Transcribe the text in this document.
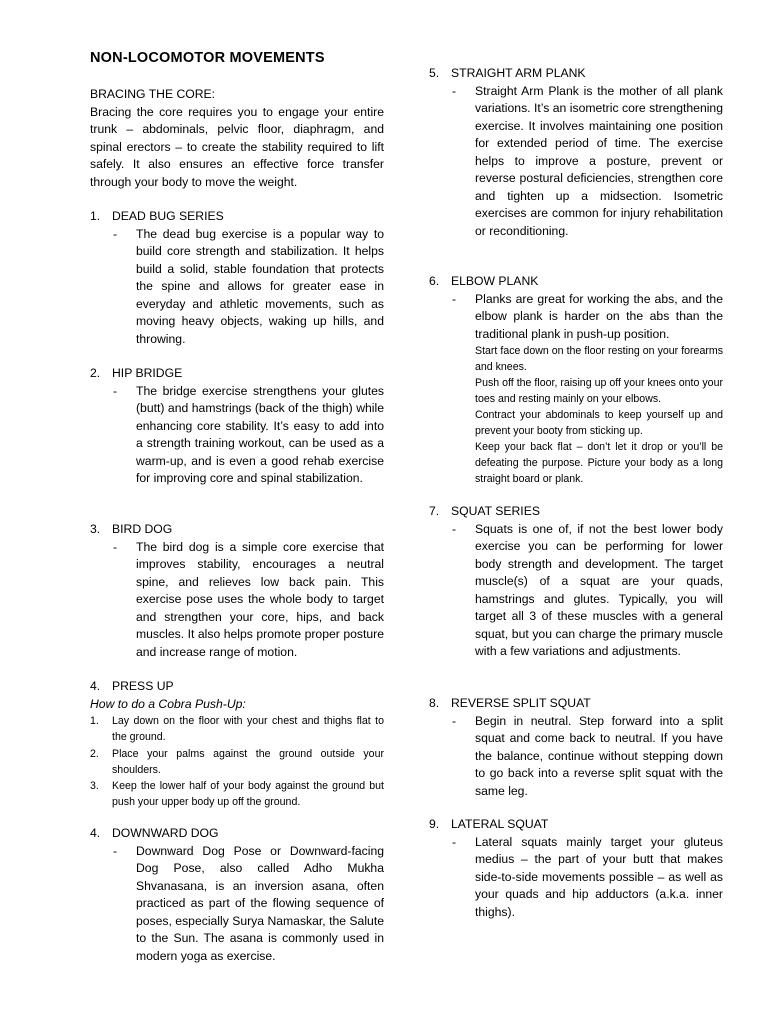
NON-LOCOMOTOR MOVEMENTS

BRACING THE CORE:

Bracing the core requires you to engage your entire trunk – abdominals, pelvic floor, diaphragm, and spinal erectors – to create the stability required to lift safely. It also ensures an effective force transfer through your body to move the weight.

1. DEAD BUG SERIES
-	The dead bug exercise is a popular way to build core strength and stabilization. It helps build a solid, stable foundation that protects the spine and allows for greater ease in everyday and athletic movements, such as moving heavy objects, waking up hills, and throwing.
2. HIP BRIDGE
-	The bridge exercise strengthens your glutes (butt) and hamstrings (back of the thigh) while enhancing core stability. It’s easy to add into a strength training workout, can be used as a warm-up, and is even a good rehab exercise for improving core and spinal stabilization.
3. BIRD DOG
-	The bird dog is a simple core exercise that improves stability, encourages a neutral spine, and relieves low back pain. This exercise pose uses the whole body to target and strengthen your core, hips, and back muscles. It also helps promote proper posture and increase range of motion.
4. PRESS UP

How to do a Cobra Push-Up:

1.	Lay down on the floor with your chest and thighs flat to the ground.
2.	Place your palms against the ground outside your shoulders.
3.	Keep the lower half of your body against the ground but push your upper body up off the ground.
4. DOWNWARD DOG
-	Downward Dog Pose or Downward-facing Dog Pose, also called Adho Mukha Shvanasana, is an inversion asana, often practiced as part of the flowing sequence of poses, especially Surya Namaskar, the Salute to the Sun. The asana is commonly used in modern yoga as exercise.
5. STRAIGHT ARM PLANK
-	Straight Arm Plank is the mother of all plank variations. It’s an isometric core strengthening exercise. It involves maintaining one position for extended period of time. The exercise helps to improve a posture, prevent or reverse postural deficiencies, strengthen core and tighten up a midsection. Isometric exercises are common for injury rehabilitation or reconditioning.
6. ELBOW PLANK
-	Planks are great for working the abs, and the elbow plank is harder on the abs than the traditional plank in push-up position.
Start face down on the floor resting on your forearms and knees.
Push off the floor, raising up off your knees onto your toes and resting mainly on your elbows.
Contract your abdominals to keep yourself up and prevent your booty from sticking up.
Keep your back flat – don’t let it drop or you’ll be defeating the purpose. Picture your body as a long straight board or plank.
7. SQUAT SERIES
-	Squats is one of, if not the best lower body exercise you can be performing for lower body strength and development. The target muscle(s) of a squat are your quads, hamstrings and glutes. Typically, you will target all 3 of these muscles with a general squat, but you can charge the primary muscle with a few variations and adjustments.
8. REVERSE SPLIT SQUAT
-	Begin in neutral. Step forward into a split squat and come back to neutral. If you have the balance, continue without stepping down to go back into a reverse split squat with the same leg.
9. LATERAL SQUAT
-	Lateral squats mainly target your gluteus medius – the part of your butt that makes side-to-side movements possible – as well as your quads and hip adductors (a.k.a. inner thighs).
